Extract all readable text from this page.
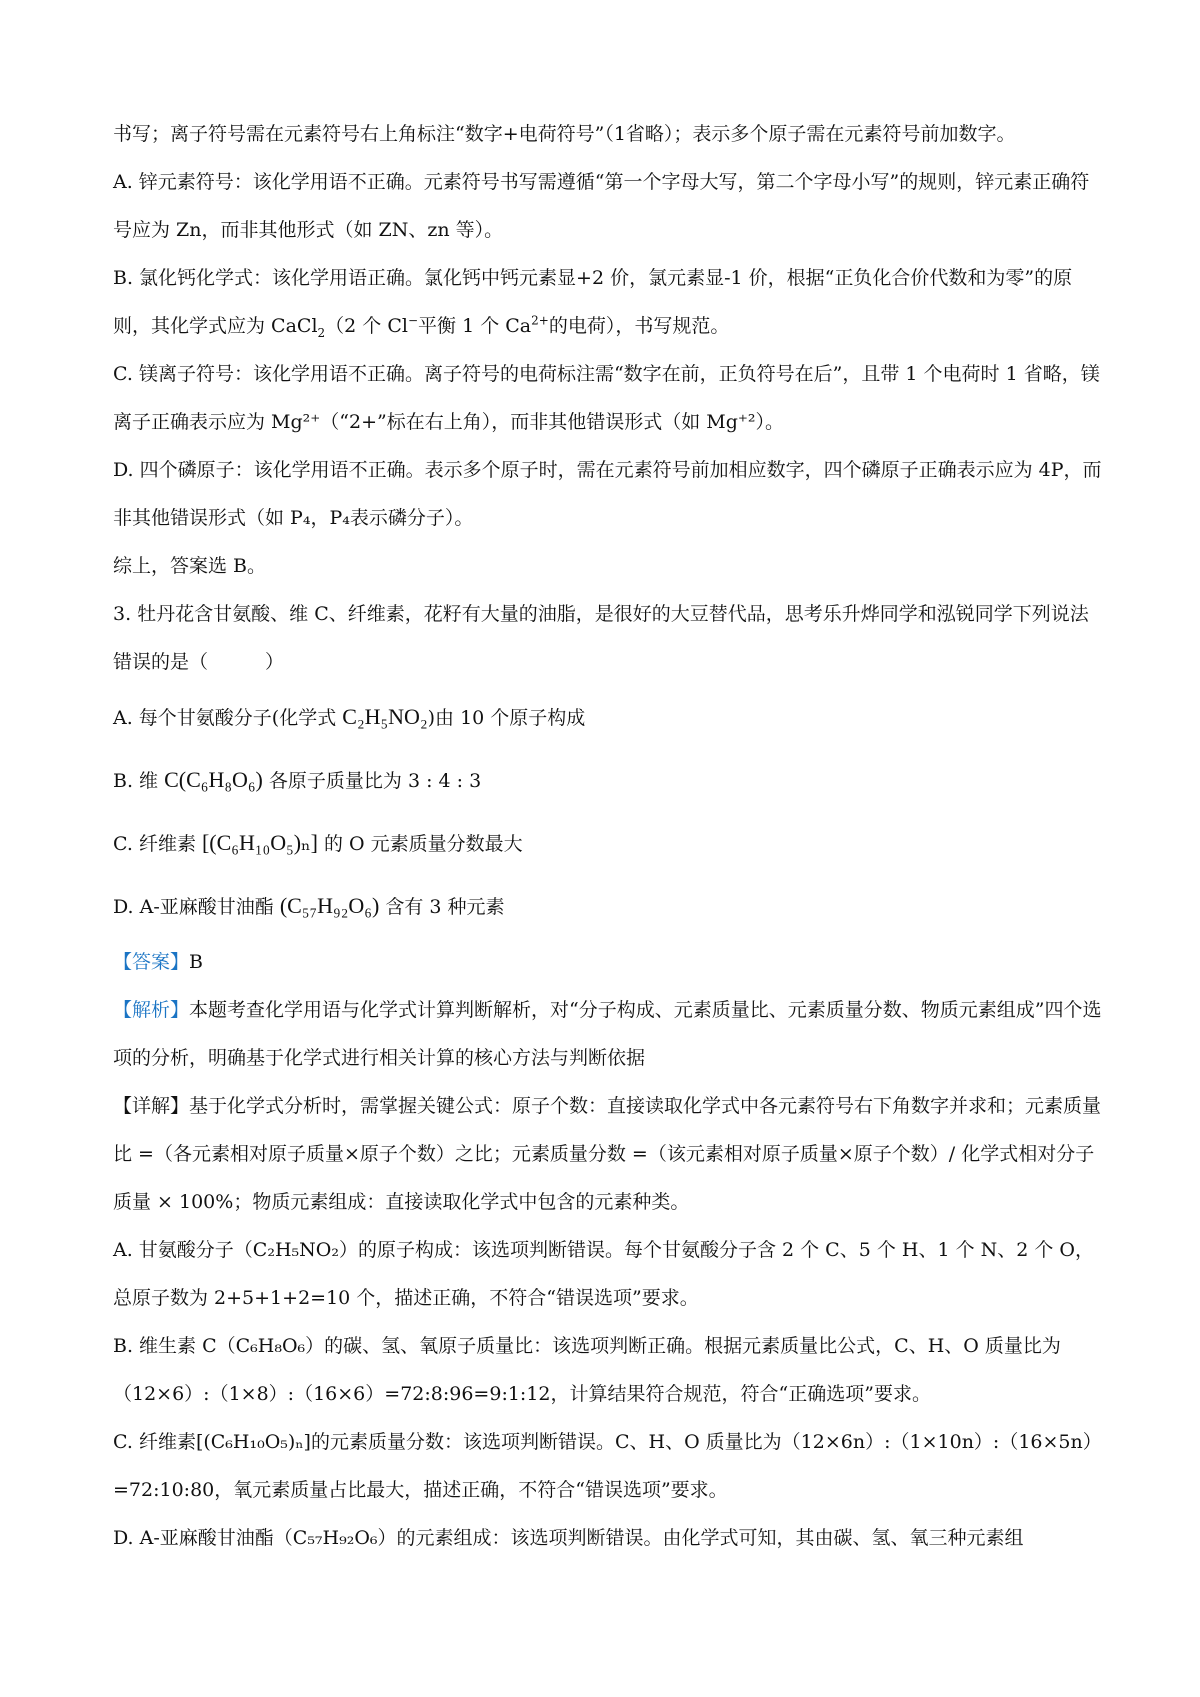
书写；离子符号需在元素符号右上角标注“数字+电荷符号”（1省略）；表示多个原子需在元素符号前加数字。

A. 锌元素符号：该化学用语不正确。元素符号书写需遵循“第一个字母大写，第二个字母小写”的规则，锌元素正确符号应为 Zn，而非其他形式（如 ZN、zn 等）。

B. 氯化钙化学式：该化学用语正确。氯化钙中钙元素显+2 价，氯元素显-1 价，根据“正负化合价代数和为零”的原则，其化学式应为 CaCl$_2$（2 个 Cl−平衡 1 个 $Ca^{2+}$的电荷），书写规范。

C. 镁离子符号：该化学用语不正确。离子符号的电荷标注需“数字在前，正负符号在后”，且带 1 个电荷时 1 省略，镁离子正确表示应为 Mg²⁺（“2+”标在右上角），而非其他错误形式（如 Mg⁺²）。

D. 四个磷原子：该化学用语不正确。表示多个原子时，需在元素符号前加相应数字，四个磷原子正确表示应为 4P，而非其他错误形式（如 P₄，P₄表示磷分子）。

综上，答案选 B。

3. 牡丹花含甘氨酸、维 C、纤维素，花籽有大量的油脂，是很好的大豆替代品，思考乐升烨同学和泓锐同学下列说法错误的是（　　　）

A. 每个甘氨酸分子(化学式 C₂H₅NO₂)由 10 个原子构成

B. 维 C(C₆H₈O₆) 各原子质量比为 3 : 4 : 3

C. 纤维素 [(C₆H₁₀O₅)ₙ] 的 O 元素质量分数最大

D. A-亚麻酸甘油酯 (C₅₇H₉₂O₆) 含有 3 种元素

【答案】B

【解析】本题考查化学用语与化学式计算判断解析，对“分子构成、元素质量比、元素质量分数、物质元素组成”四个选项的分析，明确基于化学式进行相关计算的核心方法与判断依据

【详解】基于化学式分析时，需掌握关键公式：原子个数：直接读取化学式中各元素符号右下角数字并求和；元素质量比 =（各元素相对原子质量×原子个数）之比；元素质量分数 =（该元素相对原子质量×原子个数）/ 化学式相对分子质量 × 100%；物质元素组成：直接读取化学式中包含的元素种类。

A. 甘氨酸分子（C₂H₅NO₂）的原子构成：该选项判断错误。每个甘氨酸分子含 2 个 C、5 个 H、1 个 N、2 个 O，总原子数为 2+5+1+2=10 个，描述正确，不符合“错误选项”要求。

B. 维生素 C（C₆H₈O₆）的碳、氢、氧原子质量比：该选项判断正确。根据元素质量比公式，C、H、O 质量比为（12×6）:（1×8）:（16×6）=72:8:96=9:1:12，计算结果符合规范，符合“正确选项”要求。

C. 纤维素[(C₆H₁₀O₅)ₙ]的元素质量分数：该选项判断错误。C、H、O 质量比为（12×6n）:（1×10n）:（16×5n）=72:10:80，氧元素质量占比最大，描述正确，不符合“错误选项”要求。

D. A-亚麻酸甘油酯（C₅₇H₉₂O₆）的元素组成：该选项判断错误。由化学式可知，其由碳、氢、氧三种元素组
